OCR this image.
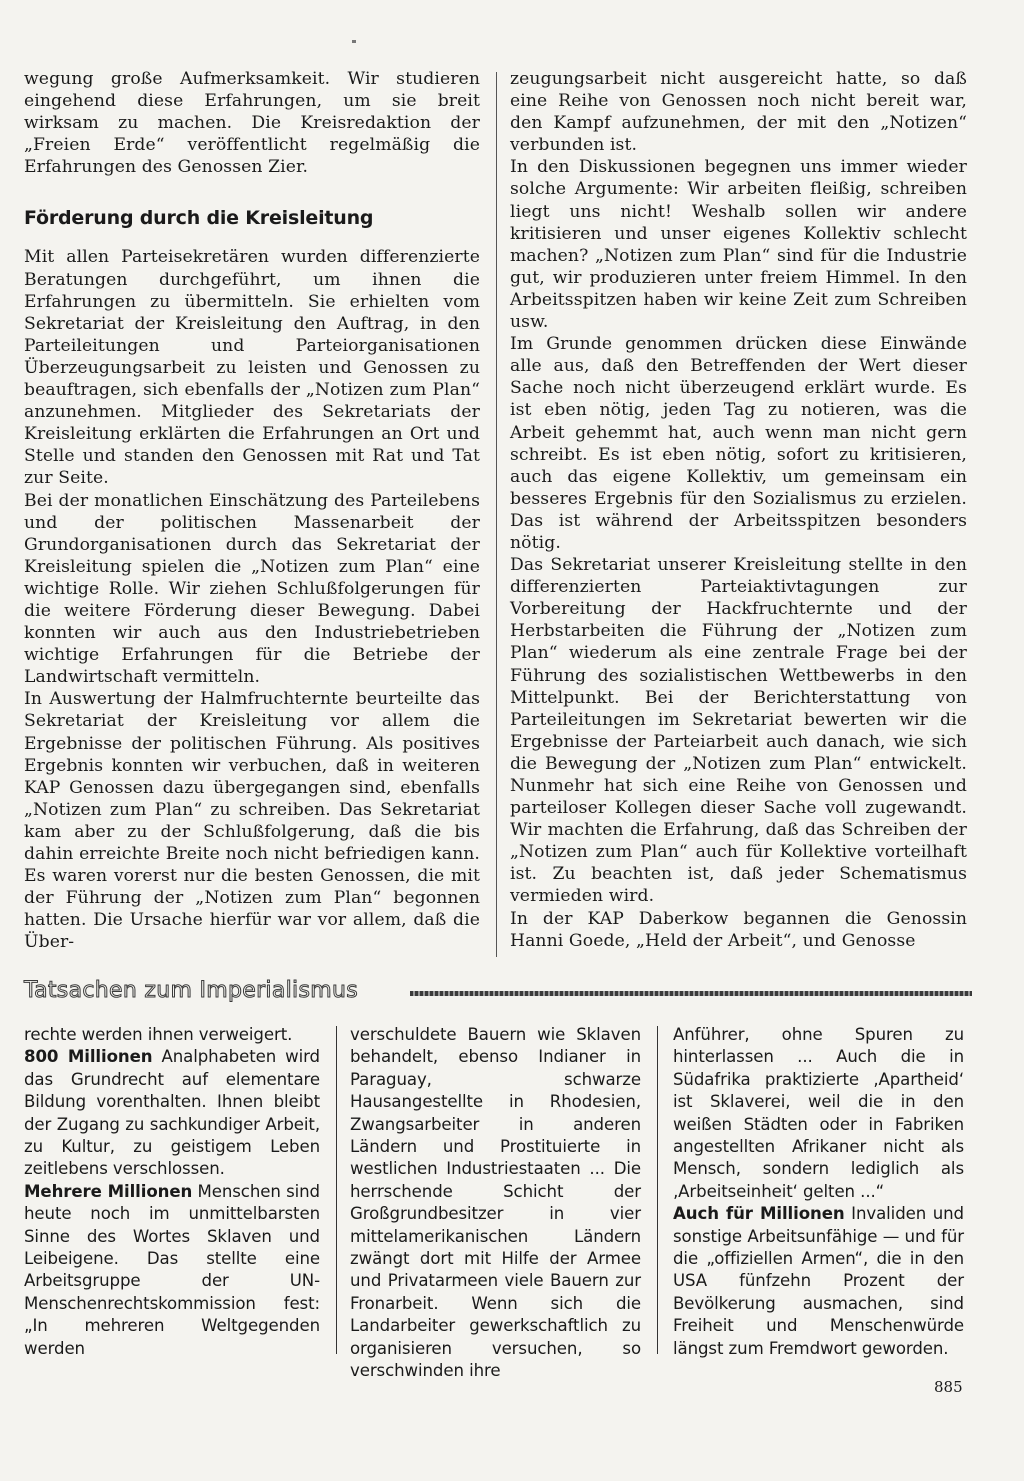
wegung große Aufmerksamkeit. Wir studieren eingehend diese Erfahrungen, um sie breit wirksam zu machen. Die Kreisredaktion der „Freien Erde“ veröffentlicht regelmäßig die Erfahrungen des Genossen Zier.

Förderung durch die Kreisleitung

Mit allen Parteisekretären wurden differenzierte Beratungen durchgeführt, um ihnen die Erfahrungen zu übermitteln. Sie erhielten vom Sekretariat der Kreisleitung den Auftrag, in den Parteileitungen und Parteiorganisationen Überzeugungsarbeit zu leisten und Genossen zu beauftragen, sich ebenfalls der „Notizen zum Plan“ anzunehmen. Mitglieder des Sekretariats der Kreisleitung erklärten die Erfahrungen an Ort und Stelle und standen den Genossen mit Rat und Tat zur Seite.

Bei der monatlichen Einschätzung des Parteilebens und der politischen Massenarbeit der Grundorganisationen durch das Sekretariat der Kreisleitung spielen die „Notizen zum Plan“ eine wichtige Rolle. Wir ziehen Schlußfolgerungen für die weitere Förderung dieser Bewegung. Dabei konnten wir auch aus den Industriebetrieben wichtige Erfahrungen für die Betriebe der Landwirtschaft vermitteln.

In Auswertung der Halmfruchternte beurteilte das Sekretariat der Kreisleitung vor allem die Ergebnisse der politischen Führung. Als positives Ergebnis konnten wir verbuchen, daß in weiteren KAP Genossen dazu übergegangen sind, ebenfalls „Notizen zum Plan“ zu schreiben. Das Sekretariat kam aber zu der Schlußfolgerung, daß die bis dahin erreichte Breite noch nicht befriedigen kann. Es waren vorerst nur die besten Genossen, die mit der Führung der „Notizen zum Plan“ begonnen hatten. Die Ursache hierfür war vor allem, daß die Über-

zeugungsarbeit nicht ausgereicht hatte, so daß eine Reihe von Genossen noch nicht bereit war, den Kampf aufzunehmen, der mit den „Notizen“ verbunden ist.

In den Diskussionen begegnen uns immer wieder solche Argumente: Wir arbeiten fleißig, schreiben liegt uns nicht! Weshalb sollen wir andere kritisieren und unser eigenes Kollektiv schlecht machen? „Notizen zum Plan“ sind für die Industrie gut, wir produzieren unter freiem Himmel. In den Arbeitsspitzen haben wir keine Zeit zum Schreiben usw.

Im Grunde genommen drücken diese Einwände alle aus, daß den Betreffenden der Wert dieser Sache noch nicht überzeugend erklärt wurde. Es ist eben nötig, jeden Tag zu notieren, was die Arbeit gehemmt hat, auch wenn man nicht gern schreibt. Es ist eben nötig, sofort zu kritisieren, auch das eigene Kollektiv, um gemeinsam ein besseres Ergebnis für den Sozialismus zu erzielen. Das ist während der Arbeitsspitzen besonders nötig.

Das Sekretariat unserer Kreisleitung stellte in den differenzierten Parteiaktivtagungen zur Vorbereitung der Hackfruchternte und der Herbstarbeiten die Führung der „Notizen zum Plan“ wiederum als eine zentrale Frage bei der Führung des sozialistischen Wettbewerbs in den Mittelpunkt. Bei der Berichterstattung von Parteileitungen im Sekretariat bewerten wir die Ergebnisse der Parteiarbeit auch danach, wie sich die Bewegung der „Notizen zum Plan“ entwickelt. Nunmehr hat sich eine Reihe von Genossen und parteiloser Kollegen dieser Sache voll zugewandt. Wir machten die Erfahrung, daß das Schreiben der „Notizen zum Plan“ auch für Kollektive vorteilhaft ist. Zu beachten ist, daß jeder Schematismus vermieden wird.

In der KAP Daberkow begannen die Genossin Hanni Goede, „Held der Arbeit“, und Genosse

Tatsachen zum Imperialismus

rechte werden ihnen verweigert.

800 Millionen Analphabeten wird das Grundrecht auf elementare Bildung vorenthalten. Ihnen bleibt der Zugang zu sachkundiger Arbeit, zu Kultur, zu geistigem Leben zeitlebens verschlossen.

Mehrere Millionen Menschen sind heute noch im unmittelbarsten Sinne des Wortes Sklaven und Leibeigene. Das stellte eine Arbeitsgruppe der UN-Menschenrechtskommission fest: „In mehreren Weltgegenden werden

verschuldete Bauern wie Sklaven behandelt, ebenso Indianer in Paraguay, schwarze Hausangestellte in Rhodesien, Zwangsarbeiter in anderen Ländern und Prostituierte in westlichen Industriestaaten ... Die herrschende Schicht der Großgrundbesitzer in vier mittelamerikanischen Ländern zwängt dort mit Hilfe der Armee und Privatarmeen viele Bauern zur Fronarbeit. Wenn sich die Landarbeiter gewerkschaftlich zu organisieren versuchen, so verschwinden ihre

Anführer, ohne Spuren zu hinterlassen ... Auch die in Südafrika praktizierte ‚Apartheid‘ ist Sklaverei, weil die in den weißen Städten oder in Fabriken angestellten Afrikaner nicht als Mensch, sondern lediglich als ‚Arbeitseinheit‘ gelten ...“

Auch für Millionen Invaliden und sonstige Arbeitsunfähige — und für die „offiziellen Armen“, die in den USA fünfzehn Prozent der Bevölkerung ausmachen, sind Freiheit und Menschenwürde längst zum Fremdwort geworden.

885
